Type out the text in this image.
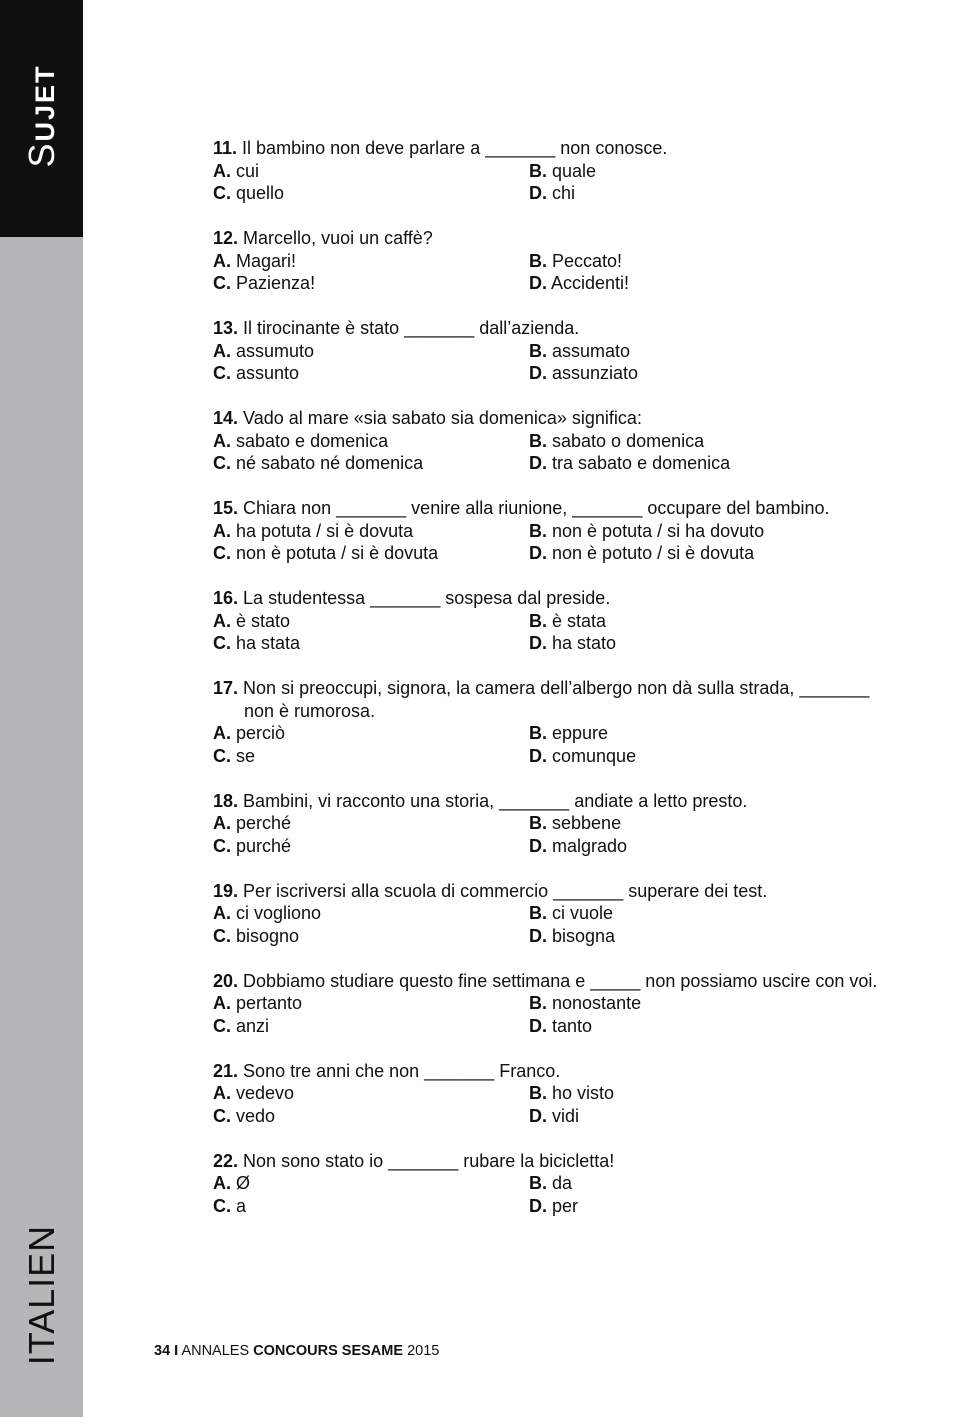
SUJET
ITALIEN
11. Il bambino non deve parlare a _______ non conosce.
A. cui	B. quale
C. quello	D. chi
12. Marcello, vuoi un caffè?
A. Magari!	B. Peccato!
C. Pazienza!	D. Accidenti!
13. Il tirocinante è stato _______ dall’azienda.
A. assumuto	B. assumato
C. assunto	D. assunziato
14. Vado al mare «sia sabato sia domenica» significa:
A. sabato e domenica	B. sabato o domenica
C. né sabato né domenica	D. tra sabato e domenica
15. Chiara non _______ venire alla riunione, _______ occupare del bambino.
A. ha potuta / si è dovuta	B. non è potuta / si ha dovuto
C. non è potuta / si è dovuta	D. non è potuto / si è dovuta
16. La studentessa _______ sospesa dal preside.
A. è stato	B. è stata
C. ha stata	D. ha stato
17. Non si preoccupi, signora, la camera dell’albergo non dà sulla strada, _______
non è rumorosa.
A. perciò	B. eppure
C. se	D. comunque
18. Bambini, vi racconto una storia, _______ andiate a letto presto.
A. perché	B. sebbene
C. purché	D. malgrado
19. Per iscriversi alla scuola di commercio _______ superare dei test.
A. ci vogliono	B. ci vuole
C. bisogno	D. bisogna
20. Dobbiamo studiare questo fine settimana e _____ non possiamo uscire con voi.
A. pertanto	B. nonostante
C. anzi	D. tanto
21. Sono tre anni che non _______ Franco.
A. vedevo	B. ho visto
C. vedo	D. vidi
22. Non sono stato io _______ rubare la bicicletta!
A. Ø	B. da
C. a	D. per
34 I ANNALES CONCOURS SESAME 2015
